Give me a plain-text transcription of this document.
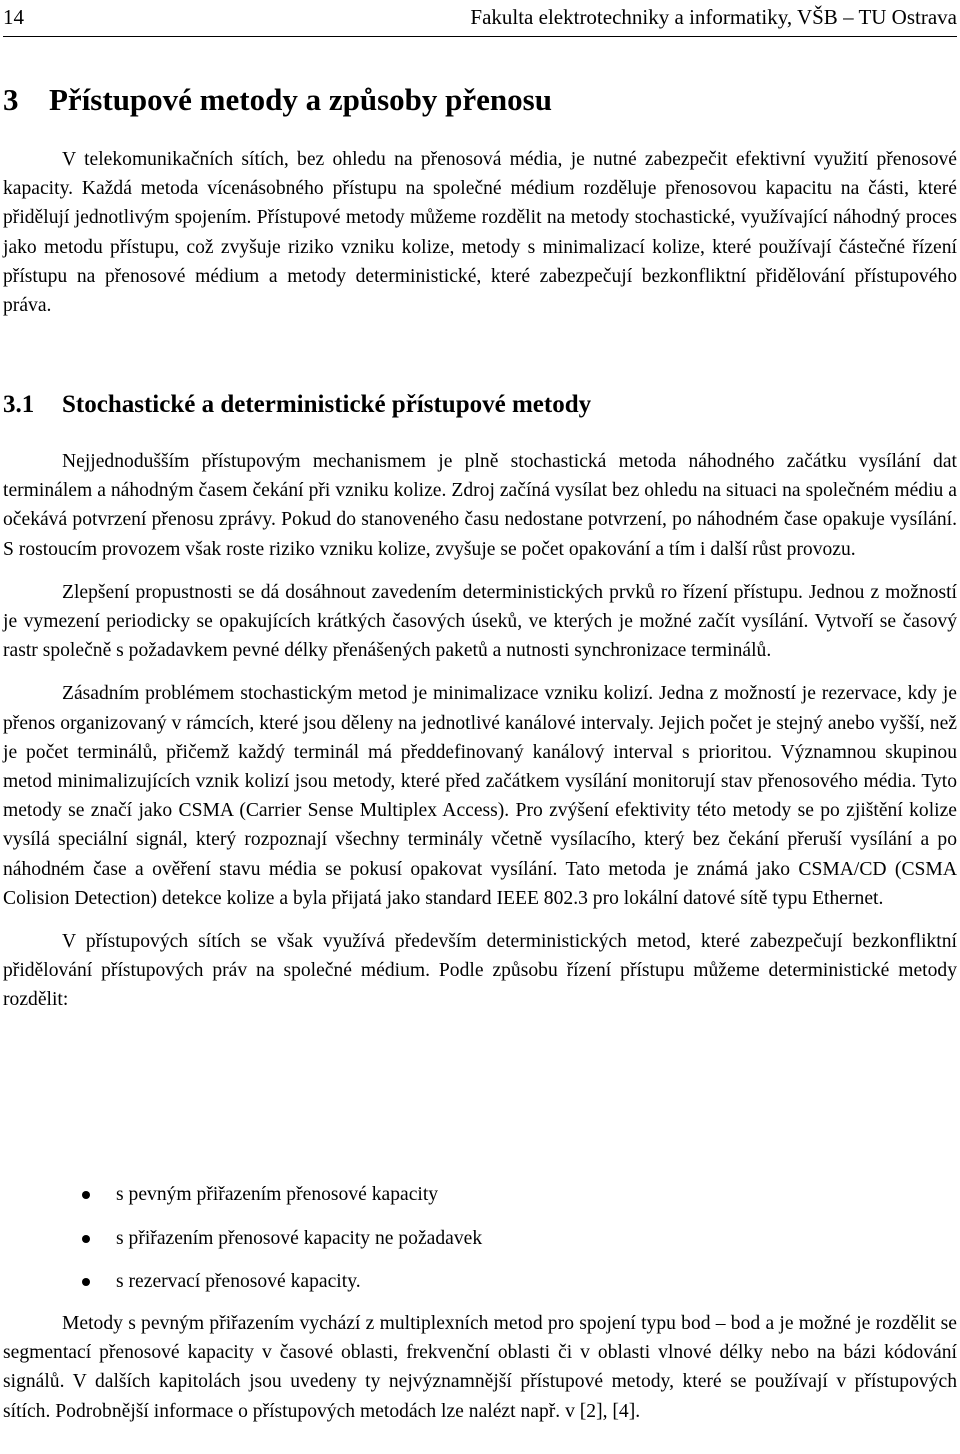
14	Fakulta elektrotechniky a informatiky, VŠB – TU Ostrava
3 Přístupové metody a způsoby přenosu

V telekomunikačních sítích, bez ohledu na přenosová média, je nutné zabezpečit efektivní využití přenosové kapacity. Každá metoda vícenásobného přístupu na společné médium rozděluje přenosovou kapacitu na části, které přidělují jednotlivým spojením. Přístupové metody můžeme rozdělit na metody stochastické, využívající náhodný proces jako metodu přístupu, což zvyšuje riziko vzniku kolize, metody s minimalizací kolize, které používají částečné řízení přístupu na přenosové médium a metody deterministické, které zabezpečují bezkonfliktní přidělování přístupového práva.

3.1 Stochastické a deterministické přístupové metody

Nejjednodušším přístupovým mechanismem je plně stochastická metoda náhodného začátku vysílání dat terminálem a náhodným časem čekání při vzniku kolize. Zdroj začíná vysílat bez ohledu na situaci na společném médiu a očekává potvrzení přenosu zprávy. Pokud do stanoveného času nedostane potvrzení, po náhodném čase opakuje vysílání. S rostoucím provozem však roste riziko vzniku kolize, zvyšuje se počet opakování a tím i další růst provozu.

Zlepšení propustnosti se dá dosáhnout zavedením deterministických prvků ro řízení přístupu. Jednou z možností je vymezení periodicky se opakujících krátkých časových úseků, ve kterých je možné začít vysílání. Vytvoří se časový rastr společně s požadavkem pevné délky přenášených paketů a nutnosti synchronizace terminálů.

Zásadním problémem stochastickým metod je minimalizace vzniku kolizí. Jedna z možností je rezervace, kdy je přenos organizovaný v rámcích, které jsou děleny na jednotlivé kanálové intervaly. Jejich počet je stejný anebo vyšší, než je počet terminálů, přičemž každý terminál má předdefinovaný kanálový interval s prioritou. Významnou skupinou metod minimalizujících vznik kolizí jsou metody, které před začátkem vysílání monitorují stav přenosového média. Tyto metody se značí jako CSMA (Carrier Sense Multiplex Access). Pro zvýšení efektivity této metody se po zjištění kolize vysílá speciální signál, který rozpoznají všechny terminály včetně vysílacího, který bez čekání přeruší vysílání a po náhodném čase a ověření stavu média se pokusí opakovat vysílání. Tato metoda je známá jako CSMA/CD (CSMA Colision Detection) detekce kolize a byla přijatá jako standard IEEE 802.3 pro lokální datové sítě typu Ethernet.

V přístupových sítích se však využívá především deterministických metod, které zabezpečují bezkonfliktní přidělování přístupových práv na společné médium. Podle způsobu řízení přístupu můžeme deterministické metody rozdělit:

s pevným přiřazením přenosové kapacity
s přiřazením přenosové kapacity ne požadavek
s rezervací přenosové kapacity.

Metody s pevným přiřazením vychází z multiplexních metod pro spojení typu bod – bod a je možné je rozdělit se segmentací přenosové kapacity v časové oblasti, frekvenční oblasti či v oblasti vlnové délky nebo na bázi kódování signálů. V dalších kapitolách jsou uvedeny ty nejvýznamnější přístupové metody, které se používají v přístupových sítích. Podrobnější informace o přístupových metodách lze nalézt např. v [2], [4].
